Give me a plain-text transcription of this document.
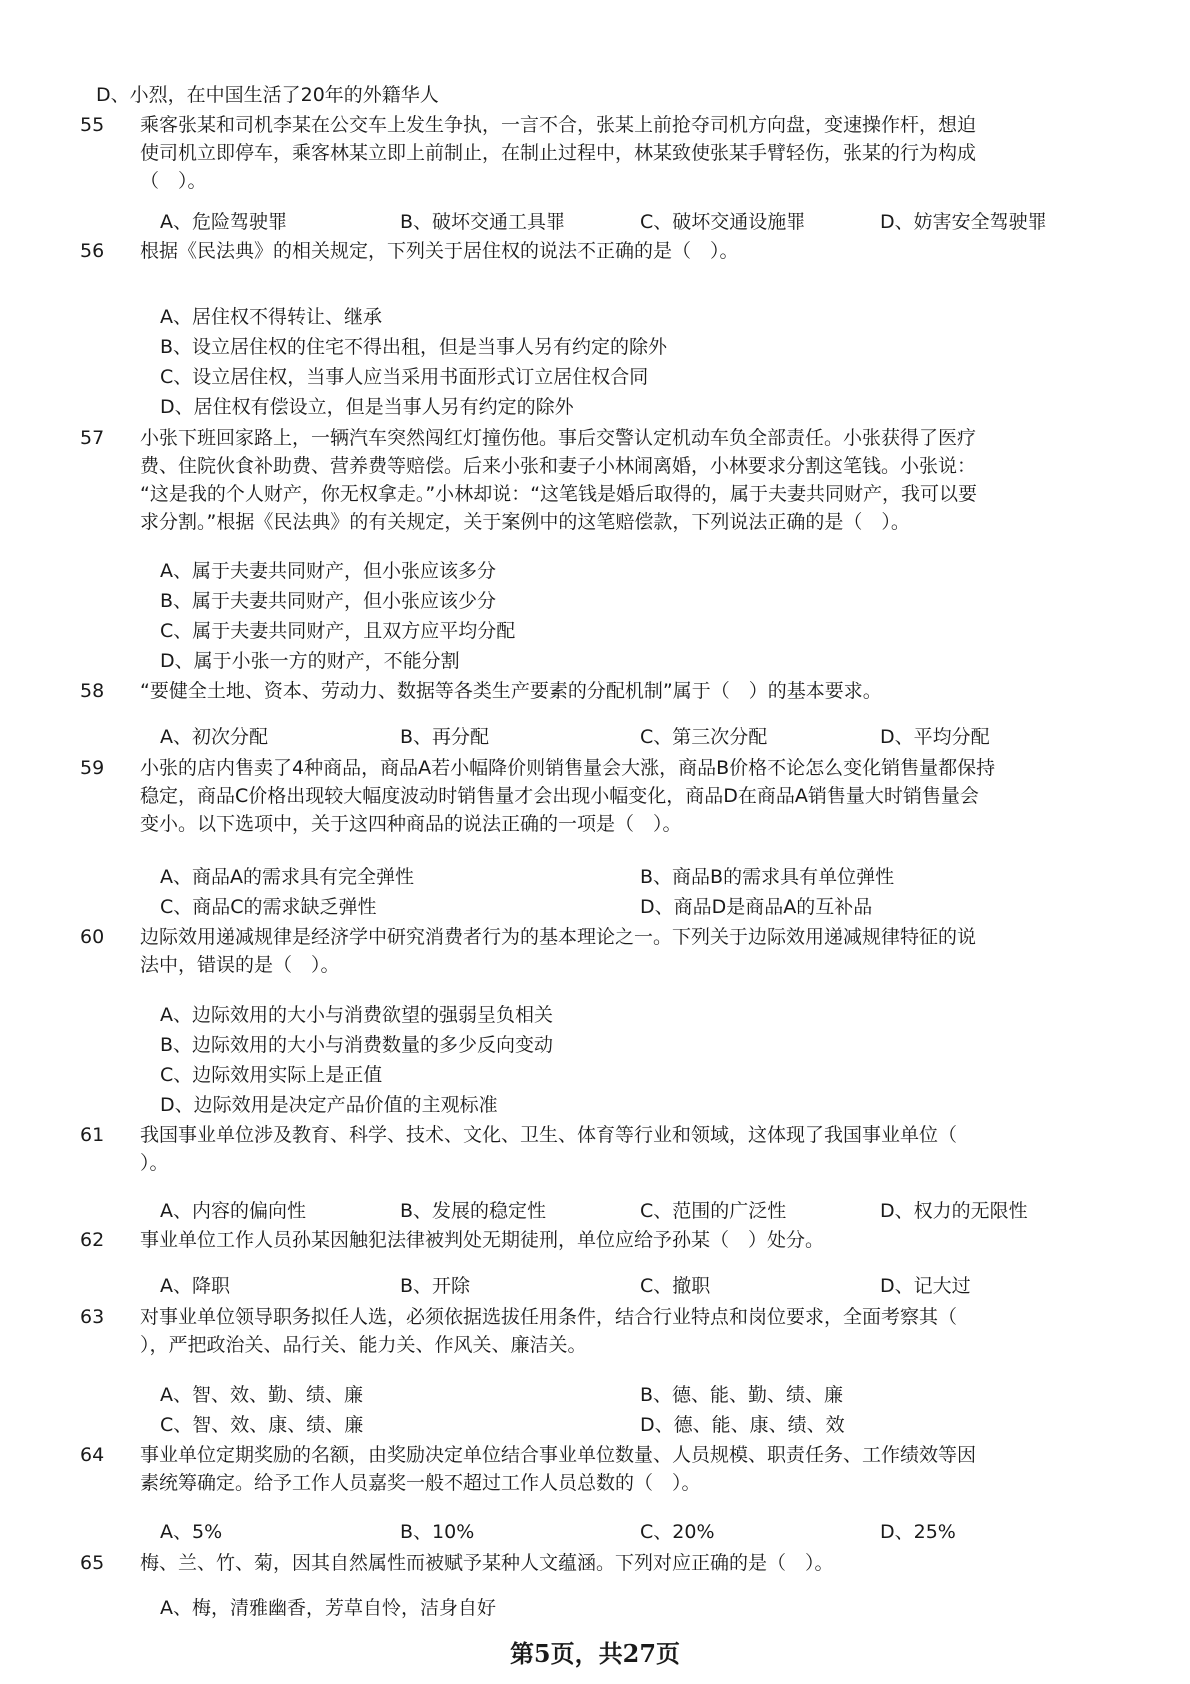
D、小烈，在中国生活了20年的外籍华人
55	乘客张某和司机李某在公交车上发生争执，一言不合，张某上前抢夺司机方向盘，变速操作杆，想迫
使司机立即停车，乘客林某立即上前制止，在制止过程中，林某致使张某手臂轻伤，张某的行为构成
（　）。
A、危险驾驶罪	B、破坏交通工具罪	C、破坏交通设施罪	D、妨害安全驾驶罪
56	根据《民法典》的相关规定，下列关于居住权的说法不正确的是（　）。
A、居住权不得转让、继承
B、设立居住权的住宅不得出租，但是当事人另有约定的除外
C、设立居住权，当事人应当采用书面形式订立居住权合同
D、居住权有偿设立，但是当事人另有约定的除外
57	小张下班回家路上，一辆汽车突然闯红灯撞伤他。事后交警认定机动车负全部责任。小张获得了医疗
费、住院伙食补助费、营养费等赔偿。后来小张和妻子小林闹离婚，小林要求分割这笔钱。小张说：
“这是我的个人财产，你无权拿走。”小林却说：“这笔钱是婚后取得的，属于夫妻共同财产，我可以要
求分割。”根据《民法典》的有关规定，关于案例中的这笔赔偿款，下列说法正确的是（　）。
A、属于夫妻共同财产，但小张应该多分
B、属于夫妻共同财产，但小张应该少分
C、属于夫妻共同财产，且双方应平均分配
D、属于小张一方的财产，不能分割
58	“要健全土地、资本、劳动力、数据等各类生产要素的分配机制”属于（　）的基本要求。
A、初次分配	B、再分配	C、第三次分配	D、平均分配
59	小张的店内售卖了4种商品，商品A若小幅降价则销售量会大涨，商品B价格不论怎么变化销售量都保持
稳定，商品C价格出现较大幅度波动时销售量才会出现小幅变化，商品D在商品A销售量大时销售量会
变小。以下选项中，关于这四种商品的说法正确的一项是（　）。
A、商品A的需求具有完全弹性	B、商品B的需求具有单位弹性
C、商品C的需求缺乏弹性	D、商品D是商品A的互补品
60	边际效用递减规律是经济学中研究消费者行为的基本理论之一。下列关于边际效用递减规律特征的说
法中，错误的是（　）。
A、边际效用的大小与消费欲望的强弱呈负相关
B、边际效用的大小与消费数量的多少反向变动
C、边际效用实际上是正值
D、边际效用是决定产品价值的主观标准
61	我国事业单位涉及教育、科学、技术、文化、卫生、体育等行业和领域，这体现了我国事业单位（
）。
A、内容的偏向性	B、发展的稳定性	C、范围的广泛性	D、权力的无限性
62	事业单位工作人员孙某因触犯法律被判处无期徒刑，单位应给予孙某（　）处分。
A、降职	B、开除	C、撤职	D、记大过
63	对事业单位领导职务拟任人选，必须依据选拔任用条件，结合行业特点和岗位要求，全面考察其（
），严把政治关、品行关、能力关、作风关、廉洁关。
A、智、效、勤、绩、廉	B、德、能、勤、绩、廉
C、智、效、康、绩、廉	D、德、能、康、绩、效
64	事业单位定期奖励的名额，由奖励决定单位结合事业单位数量、人员规模、职责任务、工作绩效等因
素统筹确定。给予工作人员嘉奖一般不超过工作人员总数的（　）。
A、5%	B、10%	C、20%	D、25%
65	梅、兰、竹、菊，因其自然属性而被赋予某种人文蕴涵。下列对应正确的是（　）。
A、梅，清雅幽香，芳草自怜，洁身自好
第5页，共27页
